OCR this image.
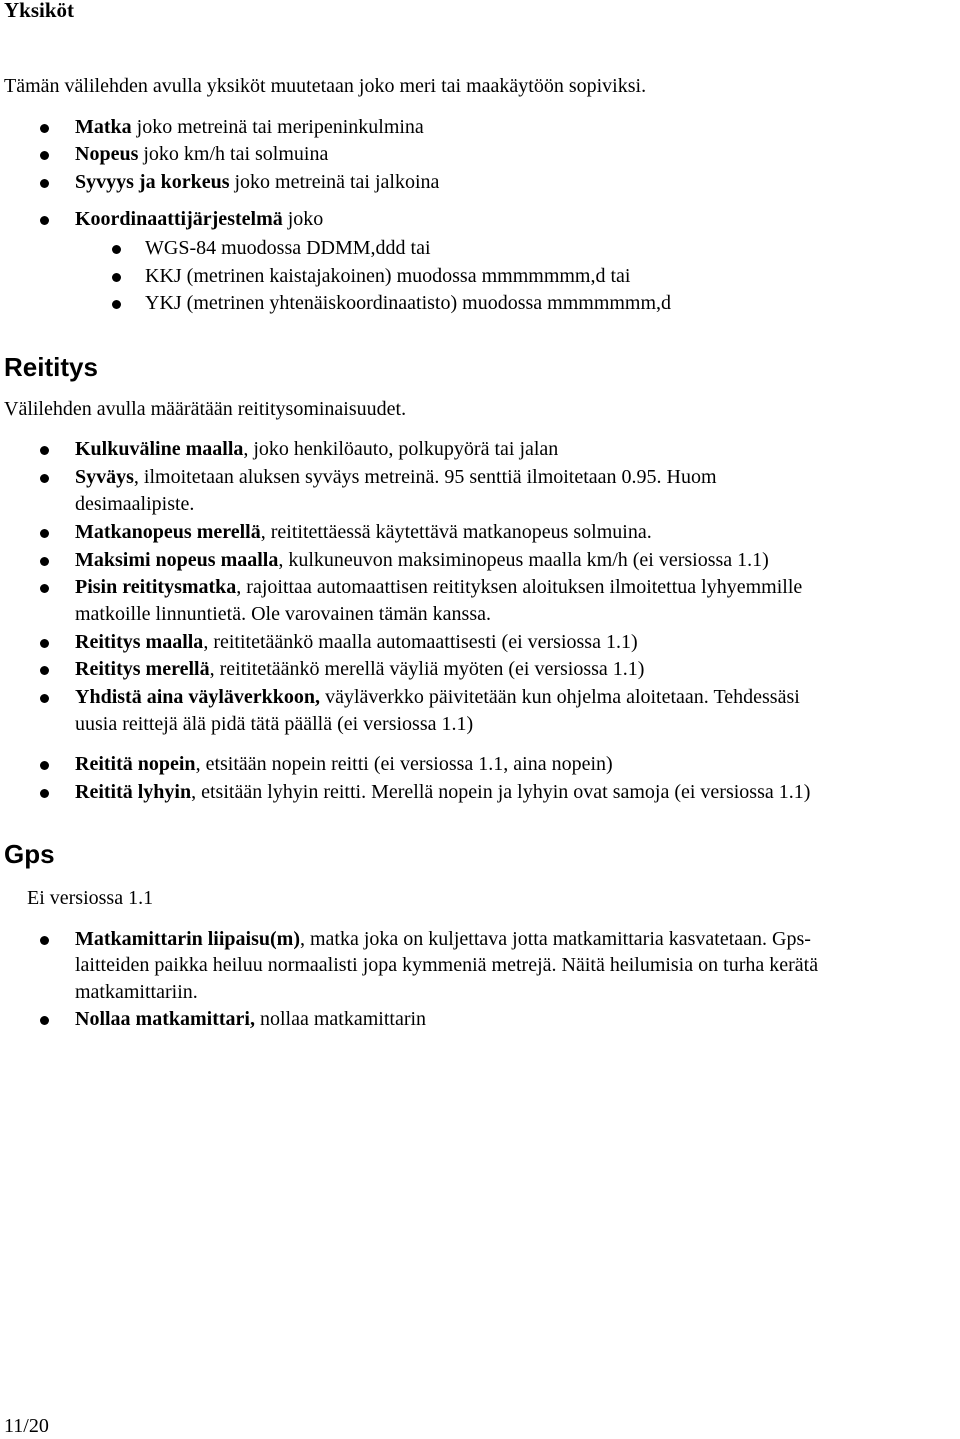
Yksiköt
Tämän välilehden avulla yksiköt muutetaan joko meri tai maakäytöön sopiviksi.
Matka joko metreinä tai meripeninkulmina
Nopeus joko km/h tai solmuina
Syvyys ja korkeus joko metreinä tai jalkoina
Koordinaattijärjestelmä joko
WGS-84 muodossa DDMM,ddd tai
KKJ (metrinen kaistajakoinen) muodossa mmmmmmm,d tai
YKJ (metrinen yhtenäiskoordinaatisto) muodossa mmmmmmm,d
Reititys
Välilehden avulla määrätään reititysominaisuudet.
Kulkuväline maalla, joko henkilöauto, polkupyörä tai jalan
Syväys, ilmoitetaan aluksen syväys metreinä. 95 senttiä ilmoitetaan 0.95. Huom
desimaalipiste.
Matkanopeus merellä, reititettäessä käytettävä matkanopeus solmuina.
Maksimi nopeus maalla, kulkuneuvon maksiminopeus maalla km/h (ei versiossa 1.1)
Pisin reititysmatka, rajoittaa automaattisen reitityksen aloituksen ilmoitettua lyhyemmille
matkoille linnuntietä. Ole varovainen tämän kanssa.
Reititys maalla, reititetäänkö maalla automaattisesti (ei versiossa 1.1)
Reititys merellä, reititetäänkö merellä väyliä myöten (ei versiossa 1.1)
Yhdistä aina väyläverkkoon, väyläverkko päivitetään kun ohjelma aloitetaan. Tehdessäsi
uusia reittejä älä pidä tätä päällä (ei versiossa 1.1)
Reititä nopein, etsitään nopein reitti (ei versiossa 1.1, aina nopein)
Reititä lyhyin, etsitään lyhyin reitti. Merellä nopein ja lyhyin ovat samoja (ei versiossa 1.1)
Gps
Ei versiossa 1.1
Matkamittarin liipaisu(m), matka joka on kuljettava jotta matkamittaria kasvatetaan. Gps-
laitteiden paikka heiluu normaalisti jopa kymmeniä metrejä. Näitä heilumisia on turha kerätä
matkamittariin.
Nollaa matkamittari, nollaa matkamittarin
11/20
